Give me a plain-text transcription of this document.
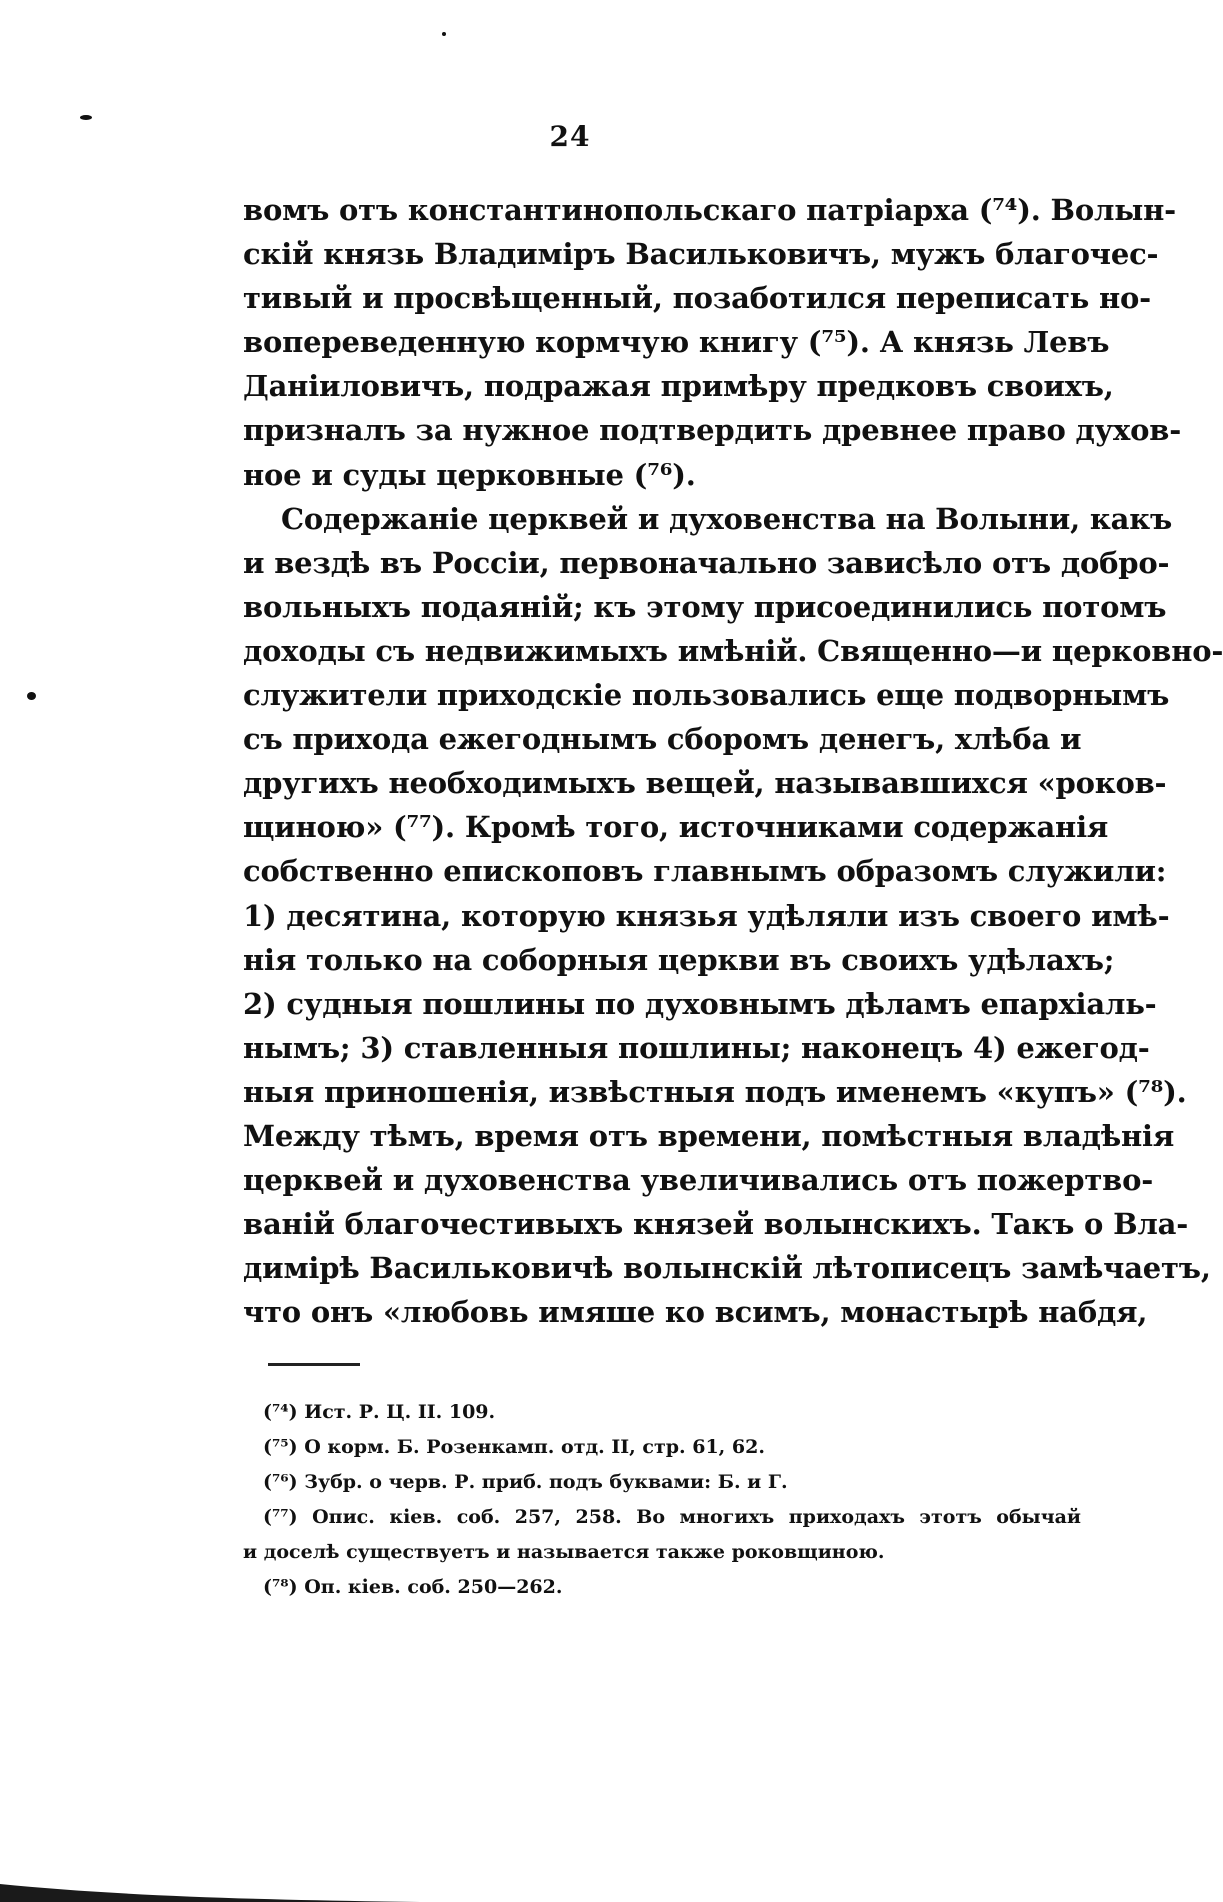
24
вомъ отъ константинопольскаго патріарха (⁷⁴). Волын-
скій князь Владиміръ Васильковичъ, мужъ благочес-
тивый и просвѣщенный, позаботился переписать но-
вопереведенную кормчую книгу (⁷⁵). А князь Левъ
Даніиловичъ, подражая примѣру предковъ своихъ,
призналъ за нужное подтвердить древнее право духов-
ное и суды церковные (⁷⁶).
Содержаніе церквей и духовенства на Волыни, какъ
и вездѣ въ Россіи, первоначально зависѣло отъ добро-
вольныхъ подаяній; къ этому присоединились потомъ
доходы съ недвижимыхъ имѣній. Священно—и церковно-
служители приходскіе пользовались еще подворнымъ
съ прихода ежегоднымъ сборомъ денегъ, хлѣба и
другихъ необходимыхъ вещей, называвшихся «роков-
щиною» (⁷⁷). Кромѣ того, источниками содержанія
собственно епископовъ главнымъ образомъ служили:
1) десятина, которую князья удѣляли изъ своего имѣ-
нія только на соборныя церкви въ своихъ удѣлахъ;
2) судныя пошлины по духовнымъ дѣламъ епархіаль-
нымъ; 3) ставленныя пошлины; наконецъ 4) ежегод-
ныя приношенія, извѣстныя подъ именемъ «купъ» (⁷⁸).
Между тѣмъ, время отъ времени, помѣстныя владѣнія
церквей и духовенства увеличивались отъ пожертво-
ваній благочестивыхъ князей волынскихъ. Такъ о Вла-
димірѣ Васильковичѣ волынскій лѣтописецъ замѣчаетъ,
что онъ «любовь имяше ко всимъ, монастырѣ набдя,
(⁷⁴) Ист. Р. Ц. II. 109.
(⁷⁵) О корм. Б. Розенкамп. отд. II, стр. 61, 62.
(⁷⁶) Зубр. о черв. Р. приб. подъ буквами: Б. и Г.
(⁷⁷) Опис. кіев. соб. 257, 258. Во многихъ приходахъ этотъ обычай
и доселѣ существуетъ и называется также роковщиною.
(⁷⁸) Оп. кіев. соб. 250—262.
